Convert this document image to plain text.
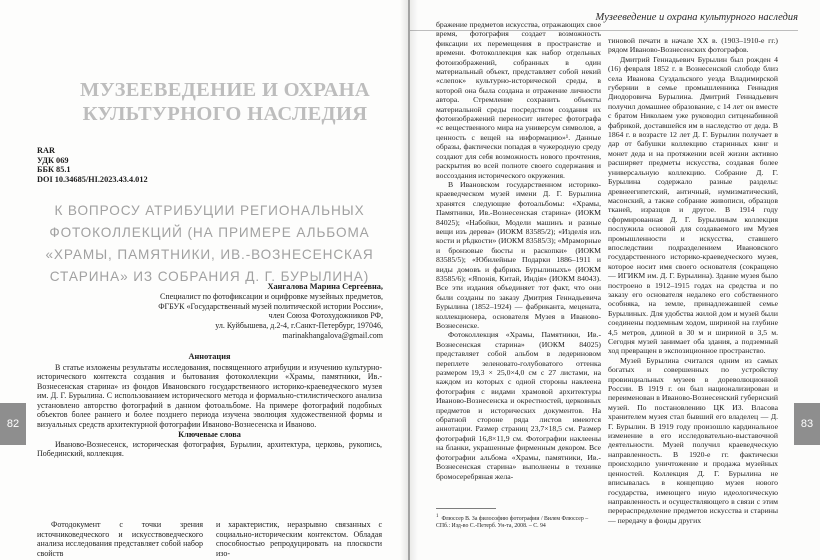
МУЗЕЕВЕДЕНИЕ И ОХРАНА КУЛЬТУРНОГО НАСЛЕДИЯ
RAR
УДК 069
ББК 85.1
DOI 10.34685/HI.2023.43.4.012
К ВОПРОСУ АТРИБУЦИИ РЕГИОНАЛЬНЫХ ФОТОКОЛЛЕКЦИЙ (НА ПРИМЕРЕ АЛЬБОМА «ХРАМЫ, ПАМЯТНИКИ, ИВ.-ВОЗНЕСЕНСКАЯ СТАРИНА» ИЗ СОБРАНИЯ Д. Г. БУРЫЛИНА)
Хангалова Марина Сергеевна,
Специалист по фотофиксации и оцифровке музейных предметов,
ФГБУК «Государственный музей политической истории России»,
член Союза Фотохудожников РФ,
ул. Куйбышева, д.2-4, г.Санкт-Петербург, 197046,
marinakhangalova@gmail.com
Аннотация

В статье изложены результаты исследования, посвященного атрибуции и изучению культурно-исторического контекста создания и бытования фотоколлекции «Храмы, памятники, Ив.-Вознесенская старина» из фондов Ивановского государственного историко-краеведческого музея им. Д. Г. Бурылина. С использованием исторического метода и формально-стилистического анализа установлено авторство фотографий в данном фотоальбоме. На примере фотографий подобных объектов более раннего и более позднего периода изучена эволюция художественной формы и визуальных средств архитектурной фотографии Иваново-Вознесенска и Иваново.

Ключевые слова

Иваново-Вознесенск, историческая фотография, Бурылин, архитектура, церковь, рукопись, Побединский, коллекция.

Фотодокумент с точки зрения источниковедческого и искусствоведческого анализа исследования представляет собой набор свойств

и характеристик, неразрывно связанных с социально-историческим контекстом. Обладая способностью репродуцировать на плоскости изо-

82
Музееведение и охрана культурного наследия
83

бражение предметов искусства, отражающих свое время, фотография создает возможность фиксации их перемещения в пространстве и времени. Фотоколлекция как набор отдельных фотоизображений, собранных в один материальный объект, представляет собой некий «слепок» культурно-исторической среды, в которой она была создана и отражение личности автора. Стремление сохранить объекты материальной среды посредством создания их фотоизображений переносит интерес фотографа «с вещественного мира на универсум символов, а ценность с вещей на информацию»¹. Данные образы, фактически попадая в чужеродную среду создают для себя возможность нового прочтения, раскрытия во всей полноте своего содержания и воссоздания исторического окружения.

В Ивановском государственном историко-краеведческом музей имени Д. Г. Бурылина хранятся следующие фотоальбомы: «Храмы, Памятники, Ив.-Вознесенская старина» (ИОКМ 84025); «Набойки, Модели машинъ и разные вещи изъ дерева» (ИОКМ 83585/2); «Изделія изъ кости и рѣдкости» (ИОКМ 83585/3); «Мраморные и бронзовые бюсты и раскопки» (ИОКМ 83585/5); «Юбилейные Подарки 1886–1911 и виды домовъ и фабрикъ Бурылиныхъ» (ИОКМ 83585/6); «Японія, Китай, Индія» (ИОКМ 84043). Все эти издания объединяет тот факт, что они были созданы по заказу Дмитрия Геннадьевича Бурылина (1852–1924) — фабриканта, мецената, коллекционера, основателя Музея в Иваново-Вознесенске.

Фотоколлекция «Храмы, Памятники, Ив.-Вознесенская старина» (ИОКМ 84025) представляет собой альбом в ледериновом переплете зеленовато-голубоватого оттенка размером 19,3 × 25,0×4,0 см с 27 листами, на каждом из которых с одной стороны наклеена фотография с видами храмовой архитектуры Иваново-Вознесенска и окрестностей, церковных предметов и исторических документов. На обратной стороне ряда листов имеются аннотации. Размер страниц 23,7×18,5 см. Размер фотографий 16,8×11,9 см. Фотографии наклеены на бланки, украшенные фирменным декором. Все фотографии альбома «Храмы, памятники, Ив.-Вознесенская старина» выполнены в технике бромосеребряная жела-

тиновой печати в начале XX в. (1903–1910-е гг.) рядом Иваново-Вознесенских фотографов.

Дмитрий Геннадьевич Бурылин был рожден 4 (16) февраля 1852 г. в Вознесенской слободе близ села Иванова Суздальского уезда Владимирской губернии в семье промышленника Геннадия Диодоровича Бурылина. Дмитрий Геннадьевич получил домашнее образование, с 14 лет он вместе с братом Николаем уже руководил ситценабивной фабрикой, доставшейся им в наследство от деда. В 1864 г. в возрасте 12 лет Д. Г. Бурылин получает в дар от бабушки коллекцию старинных книг и монет деда и на протяжении всей жизни активно расширяет предметы искусства, создавая более универсальную коллекцию. Собрание Д. Г. Бурылина содержало разные разделы: древнеегипетский, античный, нумизматический, масонский, а также собрание живописи, образцов тканей, изразцов и другое. В 1914 году сформированная Д. Г. Бурылиным коллекция послужила основой для создаваемого им Музея промышленности и искусства, ставшего впоследствии подразделением Ивановского государственного историко-краеведческого музея, которое носит имя своего основателя (сокращено — ИГИКМ им. Д. Г. Бурылина). Здание музея было построено в 1912–1915 годах на средства и по заказу его основателя недалеко его собственного особняка, на земле, принадлежавшей семье Бурылиных. Для удобства жилой дом и музей были соединены подземным ходом, шириной на глубине 4,5 метров, длиной в 30 м и шириной в 3,5 м. Сегодня музей занимает оба здания, а подземный ход превращен в экспозиционное пространство.

Музей Бурылина считался одним из самых богатых и совершенных по устройству провинциальных музеев в дореволюционной России. В 1919 г. он был национализирован и переименован в Иваново-Вознесенский губернский музей. По постановлению ЦК ИЗ. Власова хранителем музея стал бывший его владелец — Д. Г. Бурылин. В 1919 году произошло кардинальное изменение в его исследовательно-выставочной деятельности. Музей получил краеведческую направленность. В 1920-е гг. фактически происходило уничтожение и продажа музейных ценностей. Коллекция Д. Г. Бурылина не вписывалась в концепцию музея нового государства, имеющего иную идеологическую направленность и осуществляющего в связи с этим перераспределение предметов искусства и старины — передачу в фонды других

1 Флюссер В. За философию фотографии / Вилем Флюссер – СПб.: Изд-во С.-Петерб. Ун-та, 2008. – С. 94
